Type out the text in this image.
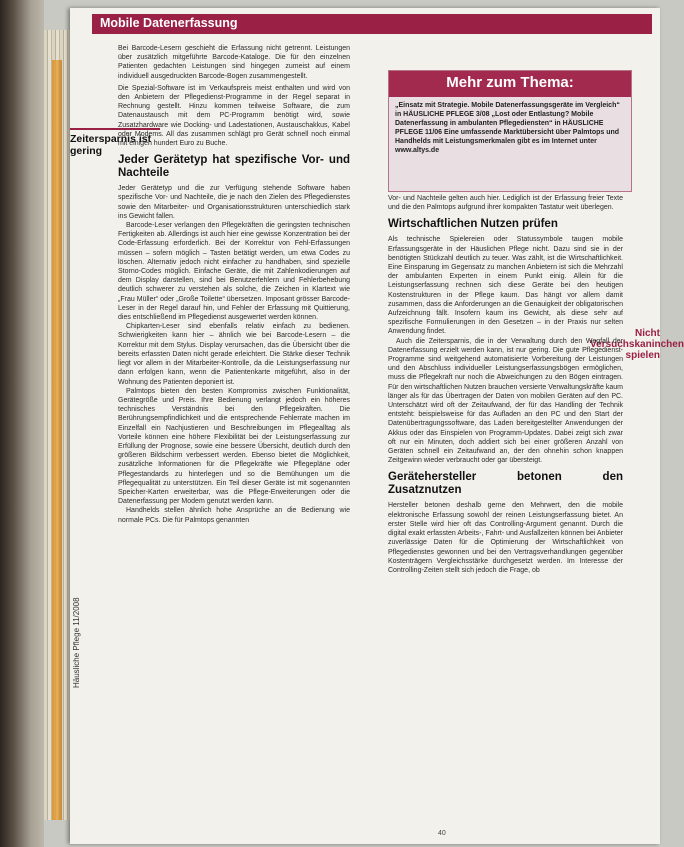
Mobile Datenerfassung
Häusliche Pflege 11/2008
Zeitersparnis ist gering
Nicht Versuchskaninchen spielen

Bei Barcode-Lesern geschieht die Erfassung nicht getrennt. Leistungen über zusätzlich mitgeführte Barcode-Kataloge. Die für den einzelnen Patienten gedachten Leistungen sind hingegen zumeist auf einem individuell ausgedruckten Barcode-Bogen zusammengestellt.

Die Spezial-Software ist im Verkaufspreis meist enthalten und wird von den Anbietern der Pflegedienst-Programme in der Regel separat in Rechnung gestellt. Hinzu kommen teilweise Software, die zum Datenaustausch mit dem PC-Programm benötigt wird, sowie Zusatzhardware wie Docking- und Ladestationen, Austauschakkus, Kabel oder Modems. All das zusammen schlägt pro Gerät schnell noch einmal mit einigen hundert Euro zu Buche.

Jeder Gerätetyp hat spezifische Vor- und Nachteile

Jeder Gerätetyp und die zur Verfügung stehende Software haben spezifische Vor- und Nachteile, die je nach den Zielen des Pflegedienstes sowie den Mitarbeiter- und Organisationsstrukturen unterschiedlich stark ins Gewicht fallen.

Barcode-Leser verlangen den Pflegekräften die geringsten technischen Fertigkeiten ab. Allerdings ist auch hier eine gewisse Konzentration bei der Code-Erfassung erforderlich. Bei der Korrektur von Fehl-Erfassungen müssen – sofern möglich – Tasten betätigt werden, um etwa Codes zu löschen. Alternativ jedoch nicht einfacher zu handhaben, sind spezielle Storno-Codes möglich. Einfache Geräte, die mit Zahlenkodierungen auf dem Display darstellen, sind bei Benutzerfehlern und Fehlerbehebung deutlich schwerer zu verstehen als solche, die Zeichen in Klartext wie „Frau Müller“ oder „Große Toilette“ übersetzen. Imposant grösser Barcode-Leser in der Regel darauf hin, und Fehler der Erfassung mit Quittierung, dies entschließend im Pflegedienst ausgewertet werden können.

Chipkarten-Leser sind ebenfalls relativ einfach zu bedienen. Schwierigkeiten kann hier – ähnlich wie bei Barcode-Lesern – die Korrektur mit dem Stylus. Display verursachen, das die Übersicht über die bereits erfassten Daten nicht gerade erleichtert. Die Stärke dieser Technik liegt vor allem in der Mitarbeiter-Kontrolle, da die Leistungserfassung nur dann erfolgen kann, wenn die Patientenkarte mitgeführt, also in der Wohnung des Patienten deponiert ist.

Palmtops bieten den besten Kompromiss zwischen Funktionalität, Gerätegröße und Preis. Ihre Bedienung verlangt jedoch ein höheres technisches Verständnis bei den Pflegekräften. Die Berührungsempfindlichkeit und die entsprechende Fehlerrate machen im Einzelfall ein Nachjustieren und Beschreibungen im Pflegealltag als Vorteile können eine höhere Flexibilität bei der Leistungserfassung zur Erfüllung der Prognose, sowie eine bessere Übersicht, deutlich durch den größeren Bildschirm verbessert werden. Ebenso bietet die Möglichkeit, zusätzliche Informationen für die Pflegekräfte wie Pflegepläne oder Pflegestandards zu hinterlegen und so die Bemühungen um die Pflegequalität zu unterstützen. Ein Teil dieser Geräte ist mit sogenannten Speicher-Karten erweiterbar, was die Pflege-Erweiterungen oder die Datenerfassung per Modem genutzt werden kann.

Handhelds stellen ähnlich hohe Ansprüche an die Bedienung wie normale PCs. Die für Palmtops genannten

Mehr zum Thema:
„Einsatz mit Strategie. Mobile Datenerfassungsgeräte im Vergleich“ in HÄUSLICHE PFLEGE 3/08 „Lost oder Entlastung? Mobile Datenerfassung in ambulanten Pflegediensten“ in HÄUSLICHE PFLEGE 11/06 Eine umfassende Marktübersicht über Palmtops und Handhelds mit Leistungsmerkmalen gibt es im Internet unter www.altys.de

Vor- und Nachteile gelten auch hier. Lediglich ist der Erfassung freier Texte und die den Palmtops aufgrund ihrer kompakten Tastatur weit überlegen.

Wirtschaftlichen Nutzen prüfen

Als technische Spielereien oder Statussymbole taugen mobile Erfassungsgeräte in der Häuslichen Pflege nicht. Dazu sind sie in der benötigten Stückzahl deutlich zu teuer. Was zählt, ist die Wirtschaftlichkeit. Eine Einsparung im Gegensatz zu manchen Anbietern ist sich die Mehrzahl der ambulanten Experten in einem Punkt einig. Allein für die Leistungserfassung rechnen sich diese Geräte bei den heutigen Kostenstrukturen in der Pflege kaum. Das hängt vor allem damit zusammen, dass die Anforderungen an die Genauigkeit der obligatorischen Aufzeichnung fällt. Insofern kaum ins Gewicht, als diese sehr auf spezifische Formulierungen in den Gesetzen – in der Praxis nur selten Anwendung findet.

Auch die Zeitersparnis, die in der Verwaltung durch den Wegfall der Datenerfassung erzielt werden kann, ist nur gering. Die gute Pflegedienst-Programme sind weitgehend automatisierte Vorbereitung der Leistungen und den Abschluss individueller Leistungserfassungsbögen ermöglichen, muss die Pflegekraft nur noch die Abweichungen zu den Bögen eintragen. Für den wirtschaftlichen Nutzen brauchen versierte Verwaltungskräfte kaum länger als für das Übertragen der Daten von mobilen Geräten auf den PC. Unterschätzt wird oft der Zeitaufwand, der für das Handling der Technik entsteht: beispielsweise für das Aufladen an den PC und den Start der Datenübertragungssoftware, das Laden bereitgestellter Anwendungen der Akkus oder das Einspielen von Programm-Updates. Dabei zeigt sich zwar oft nur ein Minuten, doch addiert sich bei einer größeren Anzahl von Geräten schnell ein Zeitaufwand an, der den ohnehin schon knappen Zeitgewinn wieder verbraucht oder gar übersteigt.

Gerätehersteller betonen den Zusatznutzen

Hersteller betonen deshalb gerne den Mehrwert, den die mobile elektronische Erfassung sowohl der reinen Leistungserfassung bietet. An erster Stelle wird hier oft das Controlling-Argument genannt. Durch die digital exakt erfassten Arbeits-, Fahrt- und Ausfallzeiten können bei Anbieter zuverlässige Daten für die Optimierung der Wirtschaftlichkeit von Pflegedienstes gewonnen und bei den Vertragsverhandlungen gegenüber Kostenträgern Vergleichsstärke durchgesetzt werden. Im Interesse der Controlling-Zeiten stellt sich jedoch die Frage, ob

40
